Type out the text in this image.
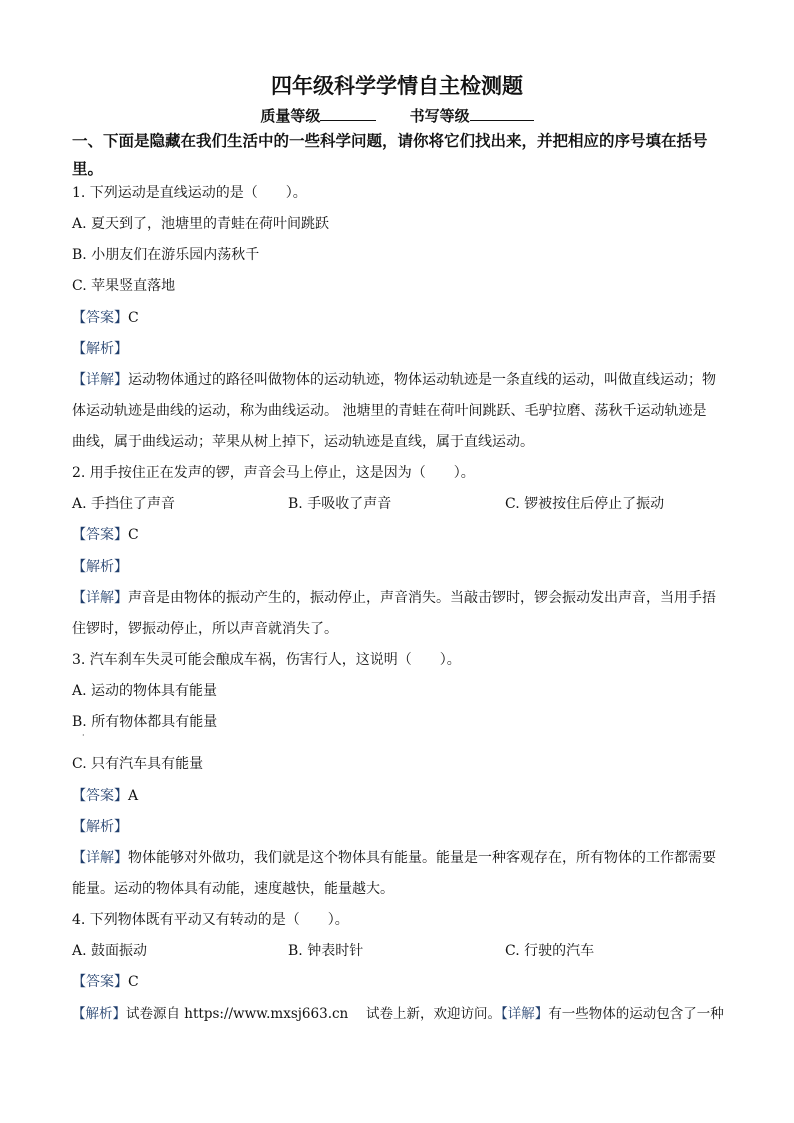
四年级科学学情自主检测题
质量等级	书写等级
一、下面是隐藏在我们生活中的一些科学问题，请你将它们找出来，并把相应的序号填在括号里。
1. 下列运动是直线运动的是（　　）。
A. 夏天到了，池塘里的青蛙在荷叶间跳跃
B. 小朋友们在游乐园内荡秋千
C. 苹果竖直落地
【答案】C
【解析】
【详解】运动物体通过的路径叫做物体的运动轨迹，物体运动轨迹是一条直线的运动，叫做直线运动；物
体运动轨迹是曲线的运动，称为曲线运动。 池塘里的青蛙在荷叶间跳跃、毛驴拉磨、荡秋千运动轨迹是
曲线，属于曲线运动；苹果从树上掉下，运动轨迹是直线，属于直线运动。
2. 用手按住正在发声的锣，声音会马上停止，这是因为（　　）。
A. 手挡住了声音	B. 手吸收了声音	C. 锣被按住后停止了振动
【答案】C
【解析】
【详解】声音是由物体的振动产生的，振动停止，声音消失。当敲击锣时，锣会振动发出声音，当用手捂
住锣时，锣振动停止，所以声音就消失了。
3. 汽车刹车失灵可能会酿成车祸，伤害行人，这说明（　　）。
A. 运动的物体具有能量
B. 所有物体都具有能量
·
C. 只有汽车具有能量
【答案】A
【解析】
【详解】物体能够对外做功，我们就是这个物体具有能量。能量是一种客观存在，所有物体的工作都需要
能量。运动的物体具有动能，速度越快，能量越大。
4. 下列物体既有平动又有转动的是（　　）。
A. 鼓面振动	B. 钟表时针	C. 行驶的汽车
【答案】C
【解析】试卷源自 https://www.mxsj663.cn　 试卷上新，欢迎访问。【详解】有一些物体的运动包含了一种
